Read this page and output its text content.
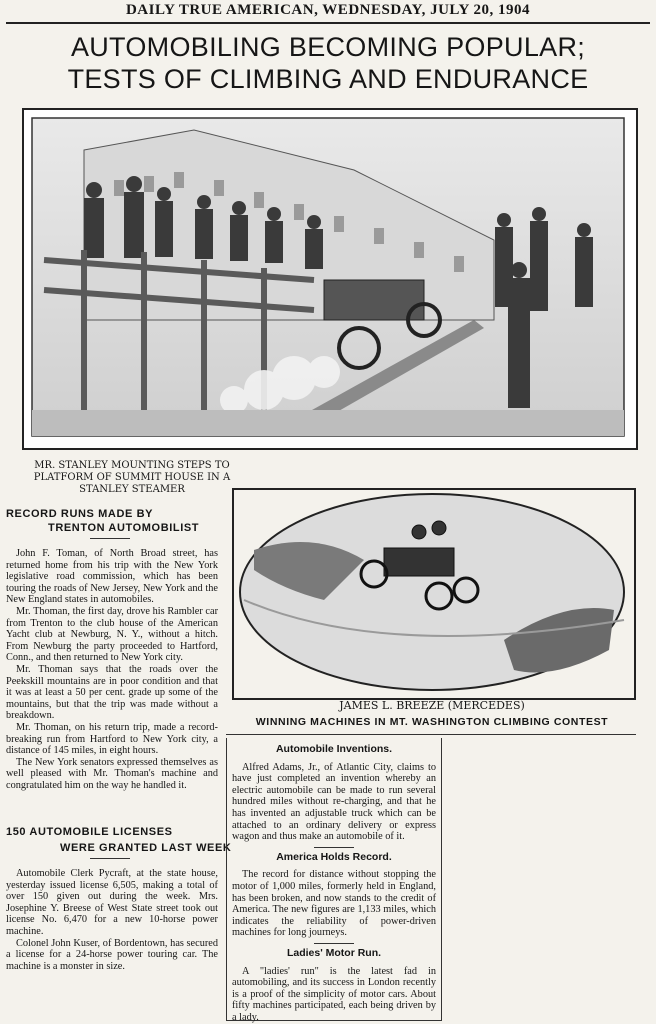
DAILY TRUE AMERICAN, WEDNESDAY, JULY 20, 1904
AUTOMOBILING BECOMING POPULAR;
TESTS OF CLIMBING AND ENDURANCE
MR. STANLEY MOUNTING STEPS TO PLATFORM OF SUMMIT HOUSE IN A STANLEY STEAMER
JAMES L. BREEZE (MERCEDES)
WINNING MACHINES IN MT. WASHINGTON CLIMBING CONTEST
RECORD RUNS MADE BY
TRENTON AUTOMOBILIST

John F. Toman, of North Broad street, has returned home from his trip with the New York legislative road commission, which has been touring the roads of New Jersey, New York and the New England states in automobiles.

Mr. Thoman, the first day, drove his Rambler car from Trenton to the club house of the American Yacht club at Newburg, N. Y., without a hitch. From Newburg the party proceeded to Hartford, Conn., and then returned to New York city.

Mr. Thoman says that the roads over the Peekskill mountains are in poor condition and that it was at least a 50 per cent. grade up some of the mountains, but that the trip was made without a breakdown.

Mr. Thoman, on his return trip, made a record-breaking run from Hartford to New York city, a distance of 145 miles, in eight hours.

The New York senators expressed themselves as well pleased with Mr. Thoman's machine and congratulated him on the way he handled it.

150 AUTOMOBILE LICENSES
WERE GRANTED LAST WEEK

Automobile Clerk Pycraft, at the state house, yesterday issued license 6,505, making a total of over 150 given out during the week. Mrs. Josephine Y. Breese of West State street took out license No. 6,470 for a new 10-horse power machine.

Colonel John Kuser, of Bordentown, has secured a license for a 24-horse power touring car. The machine is a monster in size.

Automobile Inventions.

Alfred Adams, Jr., of Atlantic City, claims to have just completed an invention whereby an electric automobile can be made to run several hundred miles without re-charging, and that he has invented an adjustable truck which can be attached to an ordinary delivery or express wagon and thus make an automobile of it.

America Holds Record.

The record for distance without stopping the motor of 1,000 miles, formerly held in England, has been broken, and now stands to the credit of America. The new figures are 1,133 miles, which indicates the reliability of power-driven machines for long journeys.

Ladies' Motor Run.

A "ladies' run" is the latest fad in automobiling, and its success in London recently is a proof of the simplicity of motor cars. About fifty machines participated, each being driven by a lady.
